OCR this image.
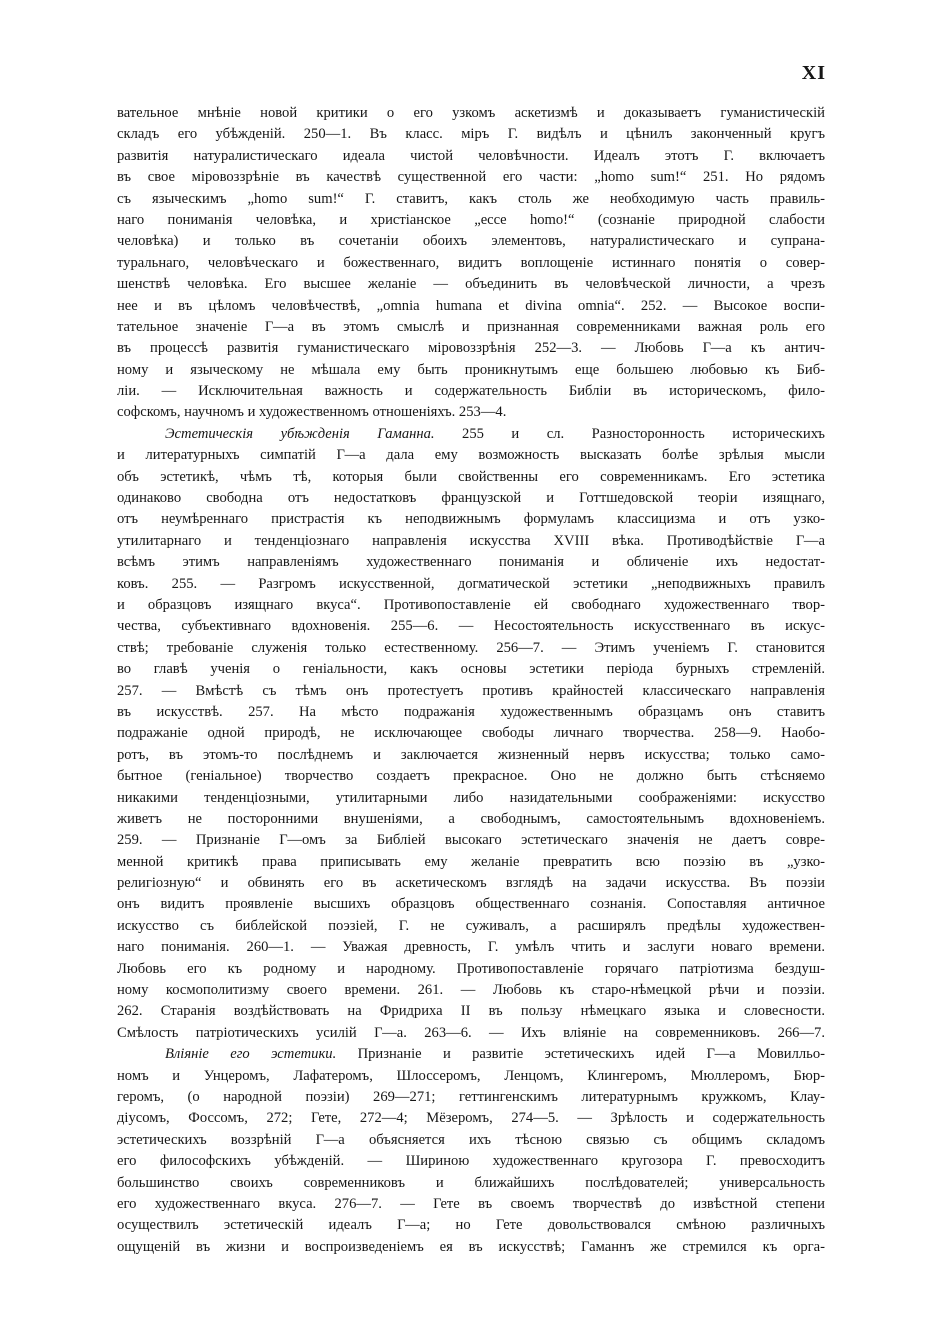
XI
вательное мнѣніе новой критики о его узкомъ аскетизмѣ и доказываетъ гуманистическій
складъ его убѣжденій. 250—1. Въ класс. міръ Г. видѣлъ и цѣнилъ законченный кругъ
развитія натуралистическаго идеала чистой человѣчности. Идеалъ этотъ Г. включаетъ
въ свое міровоззрѣніе въ качествѣ существенной его части: „homo sum!“ 251. Но рядомъ
съ языческимъ „homo sum!“ Г. ставитъ, какъ столь же необходимую часть правиль-
наго пониманія человѣка, и христіанское „ecce homo!“ (сознаніе природной слабости
человѣка) и только въ сочетаніи обоихъ элементовъ, натуралистическаго и супрана-
туральнаго, человѣческаго и божественнаго, видитъ воплощеніе истиннаго понятія о совер-
шенствѣ человѣка. Его высшее желаніе — объединить въ человѣческой личности, а чрезъ
нее и въ цѣломъ человѣчествѣ, „omnia humana et divina omnia“. 252. — Высокое воспи-
тательное значеніе Г—а въ этомъ смыслѣ и признанная современниками важная роль его
въ процессѣ развитія гуманистическаго міровоззрѣнія 252—3. — Любовь Г—а къ антич-
ному и языческому не мѣшала ему быть проникнутымъ еще большею любовью къ Биб-
ліи. — Исключительная важность и содержательность Библіи въ историческомъ, фило-
софскомъ, научномъ и художественномъ отношеніяхъ. 253—4.
Эстетическія убѣжденія Гаманна. 255 и сл. Разносторонность историческихъ
и литературныхъ симпатій Г—а дала ему возможность высказать болѣе зрѣлыя мысли
объ эстетикѣ, чѣмъ тѣ, которыя были свойственны его современникамъ. Его эстетика
одинаково свободна отъ недостатковъ французской и Готтшедовской теоріи изящнаго,
отъ неумѣреннаго пристрастія къ неподвижнымъ формуламъ классицизма и отъ узко-
утилитарнаго и тенденціознаго направленія искусства XVIII вѣка. Противодѣйствіе Г—а
всѣмъ этимъ направленіямъ художественнаго пониманія и обличеніе ихъ недостат-
ковъ. 255. — Разгромъ искусственной, догматической эстетики „неподвижныхъ правилъ
и образцовъ изящнаго вкуса“. Противопоставленіе ей свободнаго художественнаго твор-
чества, субъективнаго вдохновенія. 255—6. — Несостоятельность искусственнаго въ искус-
ствѣ; требованіе служенія только естественному. 256—7. — Этимъ ученіемъ Г. становится
во главѣ ученія о геніальности, какъ основы эстетики періода бурныхъ стремленій.
257. — Вмѣстѣ съ тѣмъ онъ протестуетъ противъ крайностей классическаго направленія
въ искусствѣ. 257. На мѣсто подражанія художественнымъ образцамъ онъ ставитъ
подражаніе одной природѣ, не исключающее свободы личнаго творчества. 258—9. Наобо-
ротъ, въ этомъ-то послѣднемъ и заключается жизненный нервъ искусства; только само-
бытное (геніальное) творчество создаетъ прекрасное. Оно не должно быть стѣсняемо
никакими тенденціозными, утилитарными либо назидательными соображеніями: искусство
живетъ не посторонними внушеніями, а свободнымъ, самостоятельнымъ вдохновеніемъ.
259. — Признаніе Г—омъ за Библіей высокаго эстетическаго значенія не даетъ совре-
менной критикѣ права приписывать ему желаніе превратить всю поэзію въ „узко-
религіозную“ и обвинять его въ аскетическомъ взглядѣ на задачи искусства. Въ поэзіи
онъ видитъ проявленіе высшихъ образцовъ общественнаго сознанія. Сопоставляя античное
искусство съ библейской поэзіей, Г. не суживалъ, а расширялъ предѣлы художествен-
наго пониманія. 260—1. — Уважая древность, Г. умѣлъ чтить и заслуги новаго времени.
Любовь его къ родному и народному. Противопоставленіе горячаго патріотизма бездуш-
ному космополитизму своего времени. 261. — Любовь къ старо-нѣмецкой рѣчи и поэзіи.
262. Старанія воздѣйствовать на Фридриха II въ пользу нѣмецкаго языка и словесности.
Смѣлость патріотическихъ усилій Г—а. 263—6. — Ихъ вліяніе на современниковъ. 266—7.
Вліяніе его эстетики. Признаніе и развитіе эстетическихъ идей Г—а Мовилльо-
номъ и Унцеромъ, Лафатеромъ, Шлоссеромъ, Ленцомъ, Клингеромъ, Мюллеромъ, Бюр-
геромъ, (о народной поэзіи) 269—271; геттингенскимъ литературнымъ кружкомъ, Клау-
діусомъ, Фоссомъ, 272; Гете, 272—4; Мёзеромъ, 274—5. — Зрѣлость и содержательность
эстетическихъ воззрѣній Г—а объясняется ихъ тѣсною связью съ общимъ складомъ
его философскихъ убѣжденій. — Шириною художественнаго кругозора Г. превосходитъ
большинство своихъ современниковъ и ближайшихъ послѣдователей; универсальность
его художественнаго вкуса. 276—7. — Гете въ своемъ творчествѣ до извѣстной степени
осуществилъ эстетическій идеалъ Г—а; но Гете довольствовался смѣною различныхъ
ощущеній въ жизни и воспроизведеніемъ ея въ искусствѣ; Гаманнъ же стремился къ орга-
